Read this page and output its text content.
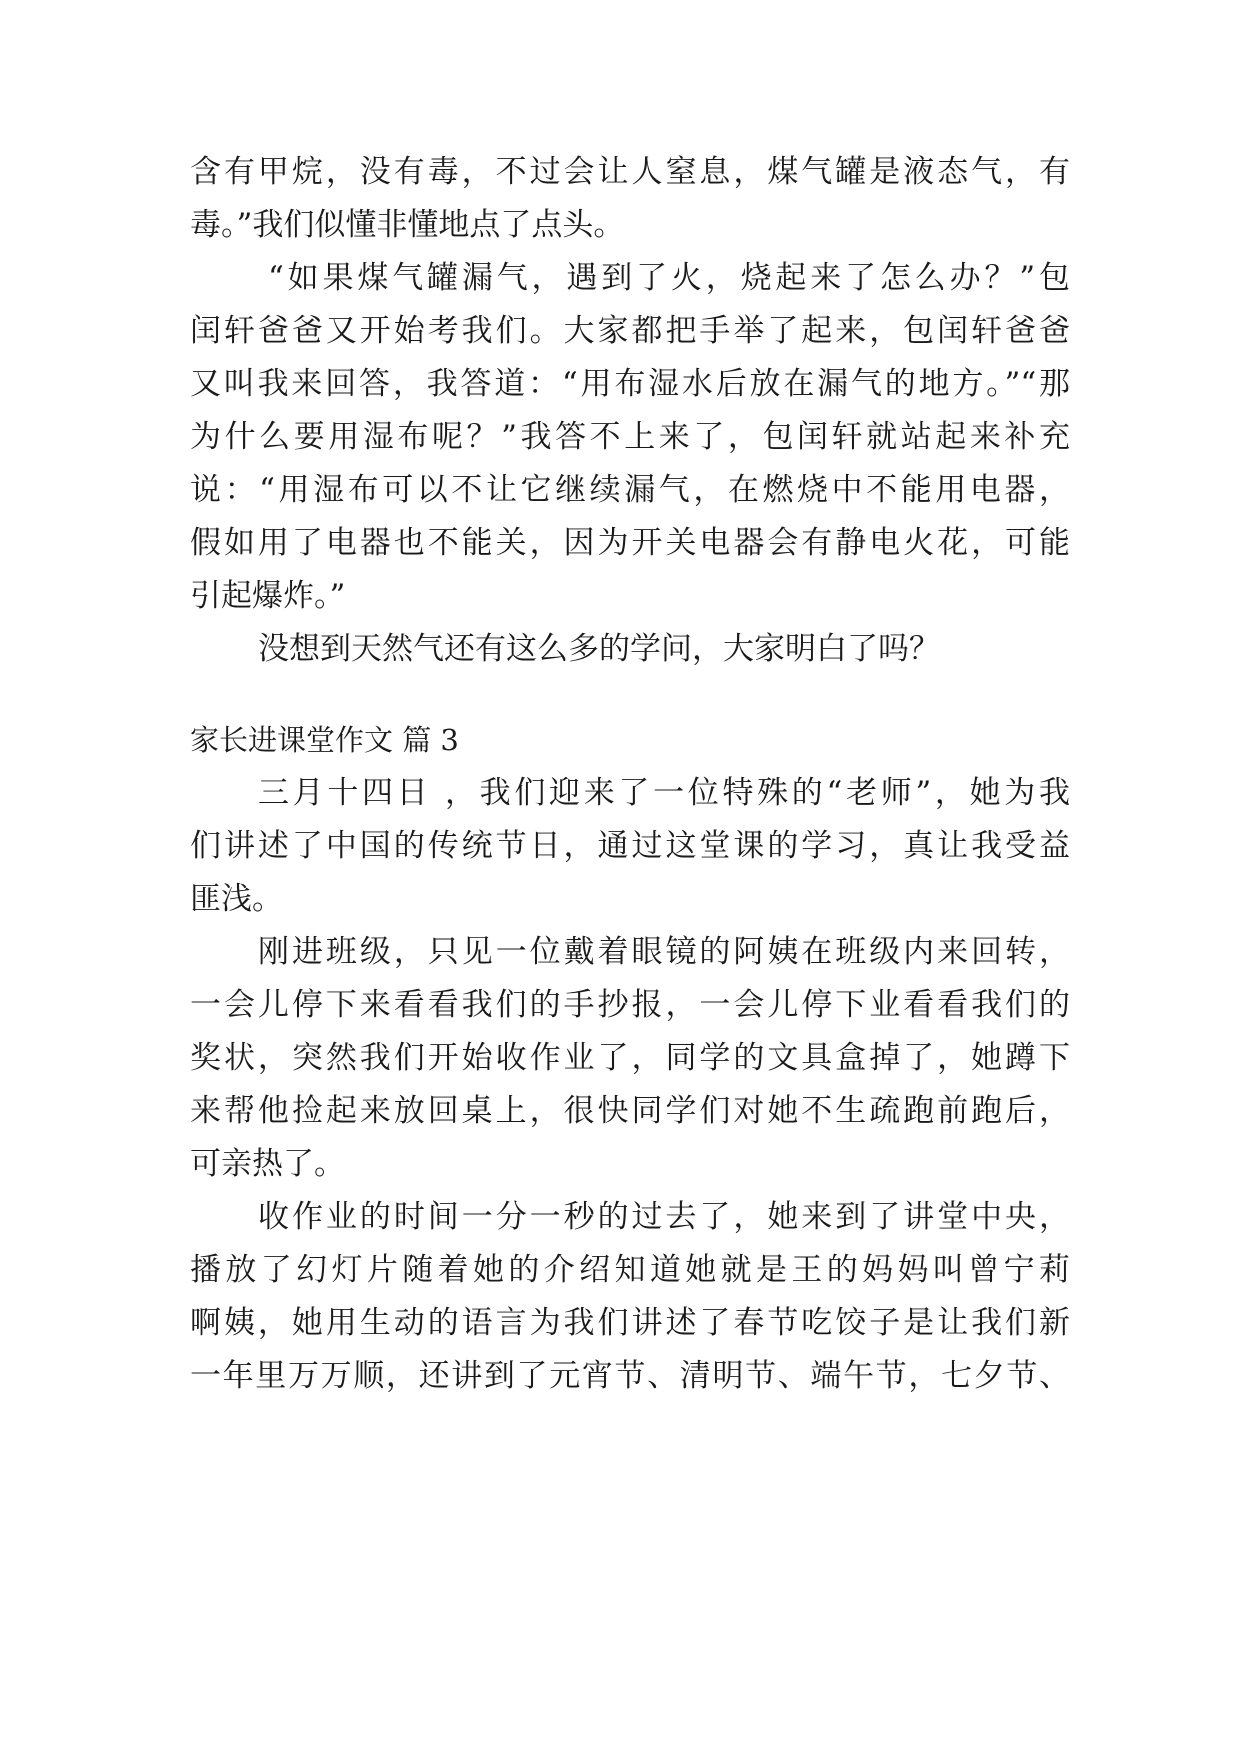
含有甲烷，没有毒，不过会让人窒息，煤气罐是液态气，有
毒。”我们似懂非懂地点了点头。
“如果煤气罐漏气，遇到了火，烧起来了怎么办？”包
闰轩爸爸又开始考我们。大家都把手举了起来，包闰轩爸爸
又叫我来回答，我答道：“用布湿水后放在漏气的地方。”“那
为什么要用湿布呢？”我答不上来了，包闰轩就站起来补充
说：“用湿布可以不让它继续漏气，在燃烧中不能用电器，
假如用了电器也不能关，因为开关电器会有静电火花，可能
引起爆炸。”
没想到天然气还有这么多的学问，大家明白了吗？
家长进课堂作文 篇 3
三月十四日 ，我们迎来了一位特殊的“老师”，她为我
们讲述了中国的传统节日，通过这堂课的学习，真让我受益
匪浅。
刚进班级，只见一位戴着眼镜的阿姨在班级内来回转，
一会儿停下来看看我们的手抄报，一会儿停下业看看我们的
奖状，突然我们开始收作业了，同学的文具盒掉了，她蹲下
来帮他捡起来放回桌上，很快同学们对她不生疏跑前跑后，
可亲热了。
收作业的时间一分一秒的过去了，她来到了讲堂中央，
播放了幻灯片随着她的介绍知道她就是王的妈妈叫曾宁莉
啊姨，她用生动的语言为我们讲述了春节吃饺子是让我们新
一年里万万顺，还讲到了元宵节、清明节、端午节，七夕节、
